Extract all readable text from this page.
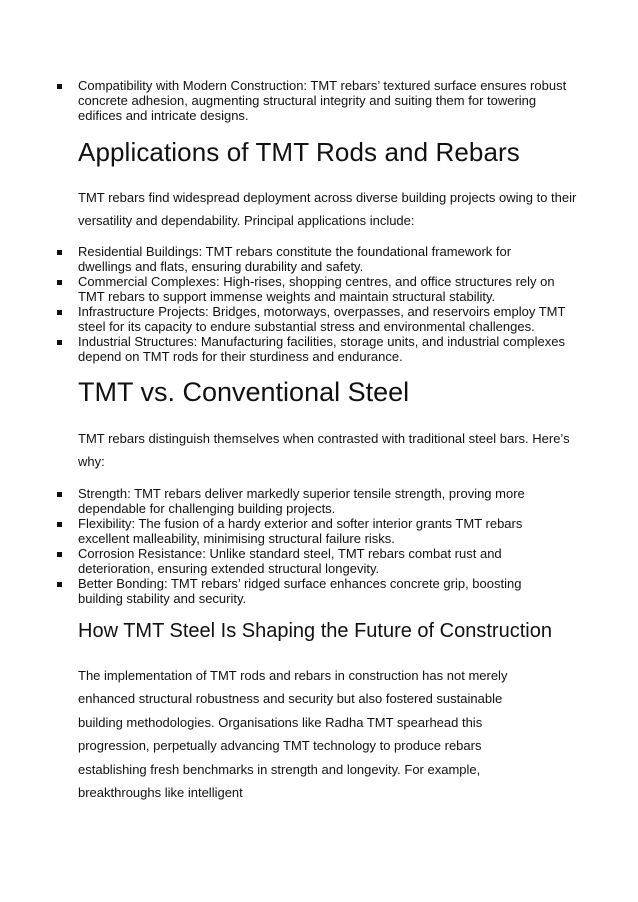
Compatibility with Modern Construction: TMT rebars’ textured surface ensures robust concrete adhesion, augmenting structural integrity and suiting them for towering edifices and intricate designs.
Applications of TMT Rods and Rebars

TMT rebars find widespread deployment across diverse building projects owing to their versatility and dependability. Principal applications include:

Residential Buildings: TMT rebars constitute the foundational framework for dwellings and flats, ensuring durability and safety.
Commercial Complexes: High-rises, shopping centres, and office structures rely on TMT rebars to support immense weights and maintain structural stability.
Infrastructure Projects: Bridges, motorways, overpasses, and reservoirs employ TMT steel for its capacity to endure substantial stress and environmental challenges.
Industrial Structures: Manufacturing facilities, storage units, and industrial complexes depend on TMT rods for their sturdiness and endurance.
TMT vs. Conventional Steel

TMT rebars distinguish themselves when contrasted with traditional steel bars. Here’s why:

Strength: TMT rebars deliver markedly superior tensile strength, proving more dependable for challenging building projects.
Flexibility: The fusion of a hardy exterior and softer interior grants TMT rebars excellent malleability, minimising structural failure risks.
Corrosion Resistance: Unlike standard steel, TMT rebars combat rust and deterioration, ensuring extended structural longevity.
Better Bonding: TMT rebars’ ridged surface enhances concrete grip, boosting building stability and security.
How TMT Steel Is Shaping the Future of Construction

The implementation of TMT rods and rebars in construction has not merely enhanced structural robustness and security but also fostered sustainable building methodologies. Organisations like Radha TMT spearhead this progression, perpetually advancing TMT technology to produce rebars establishing fresh benchmarks in strength and longevity. For example, breakthroughs like intelligent
